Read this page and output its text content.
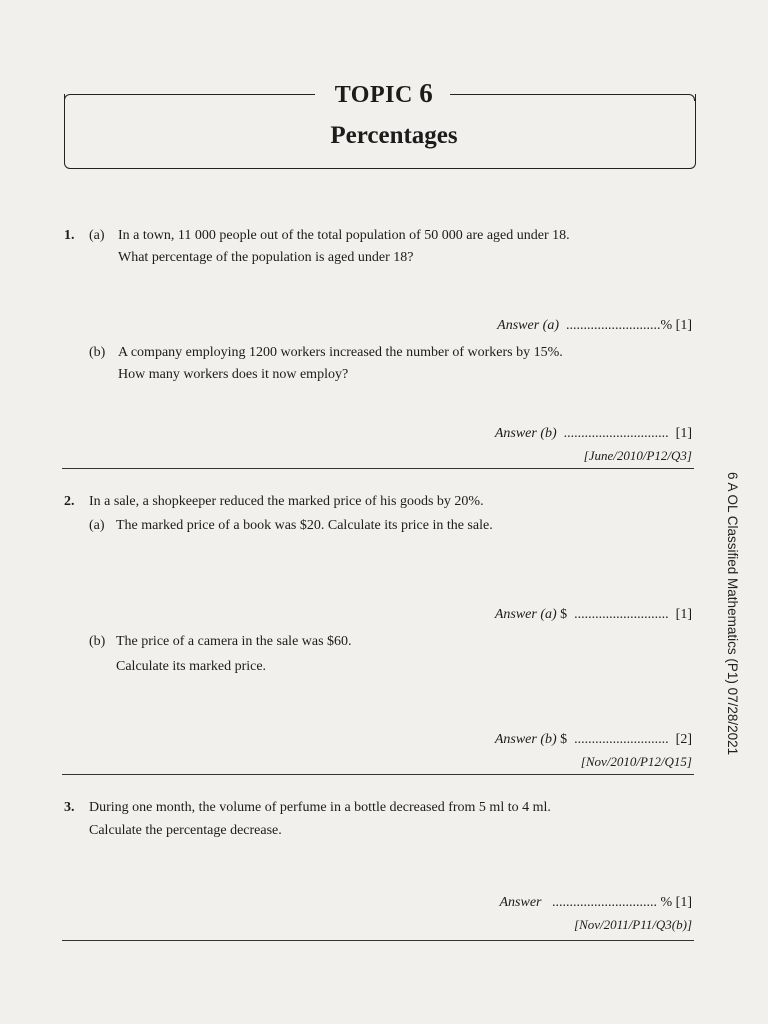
TOPIC 6
Percentages
1. (a) In a town, 11 000 people out of the total population of 50 000 are aged under 18.
What percentage of the population is aged under 18?
Answer (a) ...........................% [1]
(b) A company employing 1200 workers increased the number of workers by 15%.
How many workers does it now employ?
Answer (b) .............................. [1]
[June/2010/P12/Q3]
2. In a sale, a shopkeeper reduced the marked price of his goods by 20%.
(a) The marked price of a book was $20. Calculate its price in the sale.
Answer (a) $ ........................... [1]
(b) The price of a camera in the sale was $60.
Calculate its marked price.
Answer (b) $ ........................... [2]
[Nov/2010/P12/Q15]
3. During one month, the volume of perfume in a bottle decreased from 5 ml to 4 ml.
Calculate the percentage decrease.
Answer .............................. % [1]
[Nov/2011/P11/Q3(b)]
6 A OL Classified Mathematics (P1) 07/28/2021
